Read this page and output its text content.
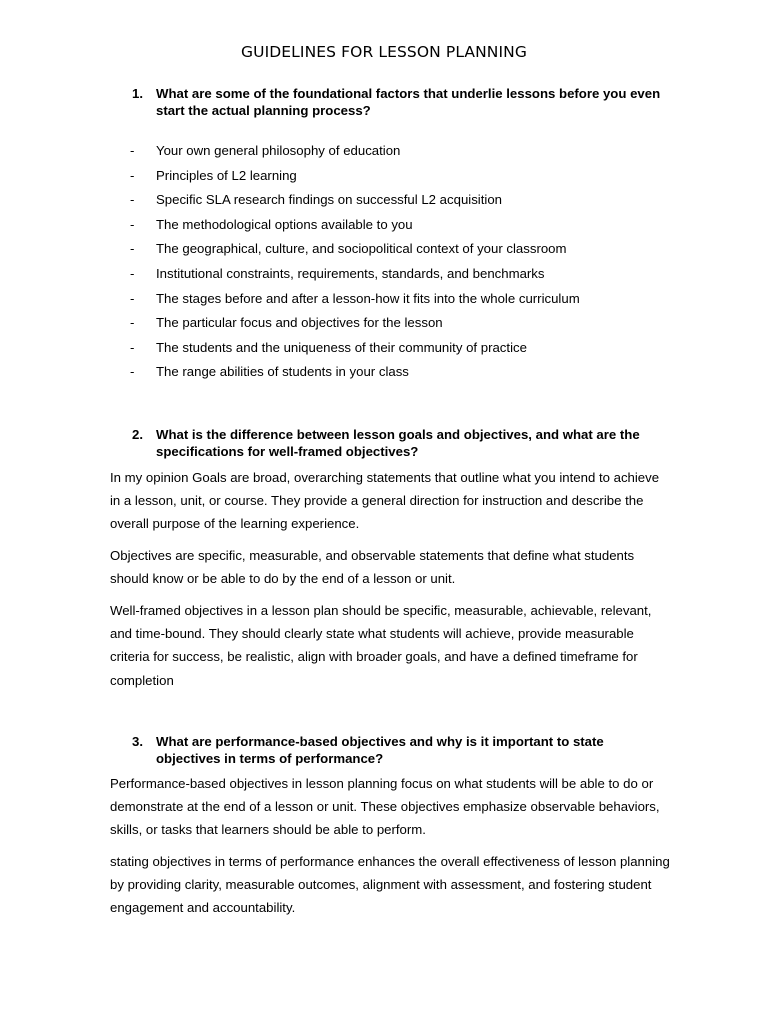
GUIDELINES FOR LESSON PLANNING
1. What are some of the foundational factors that underlie lessons before you even start the actual planning process?
- Your own general philosophy of education
- Principles of L2 learning
- Specific SLA research findings on successful L2 acquisition
- The methodological options available to you
- The geographical, culture, and sociopolitical context of your classroom
- Institutional constraints, requirements, standards, and benchmarks
- The stages before and after a lesson-how it fits into the whole curriculum
- The particular focus and objectives for the lesson
- The students and the uniqueness of their community of practice
- The range abilities of students in your class
2. What is the difference between lesson goals and objectives, and what are the specifications for well-framed objectives?

In my opinion Goals are broad, overarching statements that outline what you intend to achieve in a lesson, unit, or course. They provide a general direction for instruction and describe the overall purpose of the learning experience.

Objectives are specific, measurable, and observable statements that define what students should know or be able to do by the end of a lesson or unit.

Well-framed objectives in a lesson plan should be specific, measurable, achievable, relevant, and time-bound. They should clearly state what students will achieve, provide measurable criteria for success, be realistic, align with broader goals, and have a defined timeframe for completion

3. What are performance-based objectives and why is it important to state objectives in terms of performance?

Performance-based objectives in lesson planning focus on what students will be able to do or demonstrate at the end of a lesson or unit. These objectives emphasize observable behaviors, skills, or tasks that learners should be able to perform.

stating objectives in terms of performance enhances the overall effectiveness of lesson planning by providing clarity, measurable outcomes, alignment with assessment, and fostering student engagement and accountability.
